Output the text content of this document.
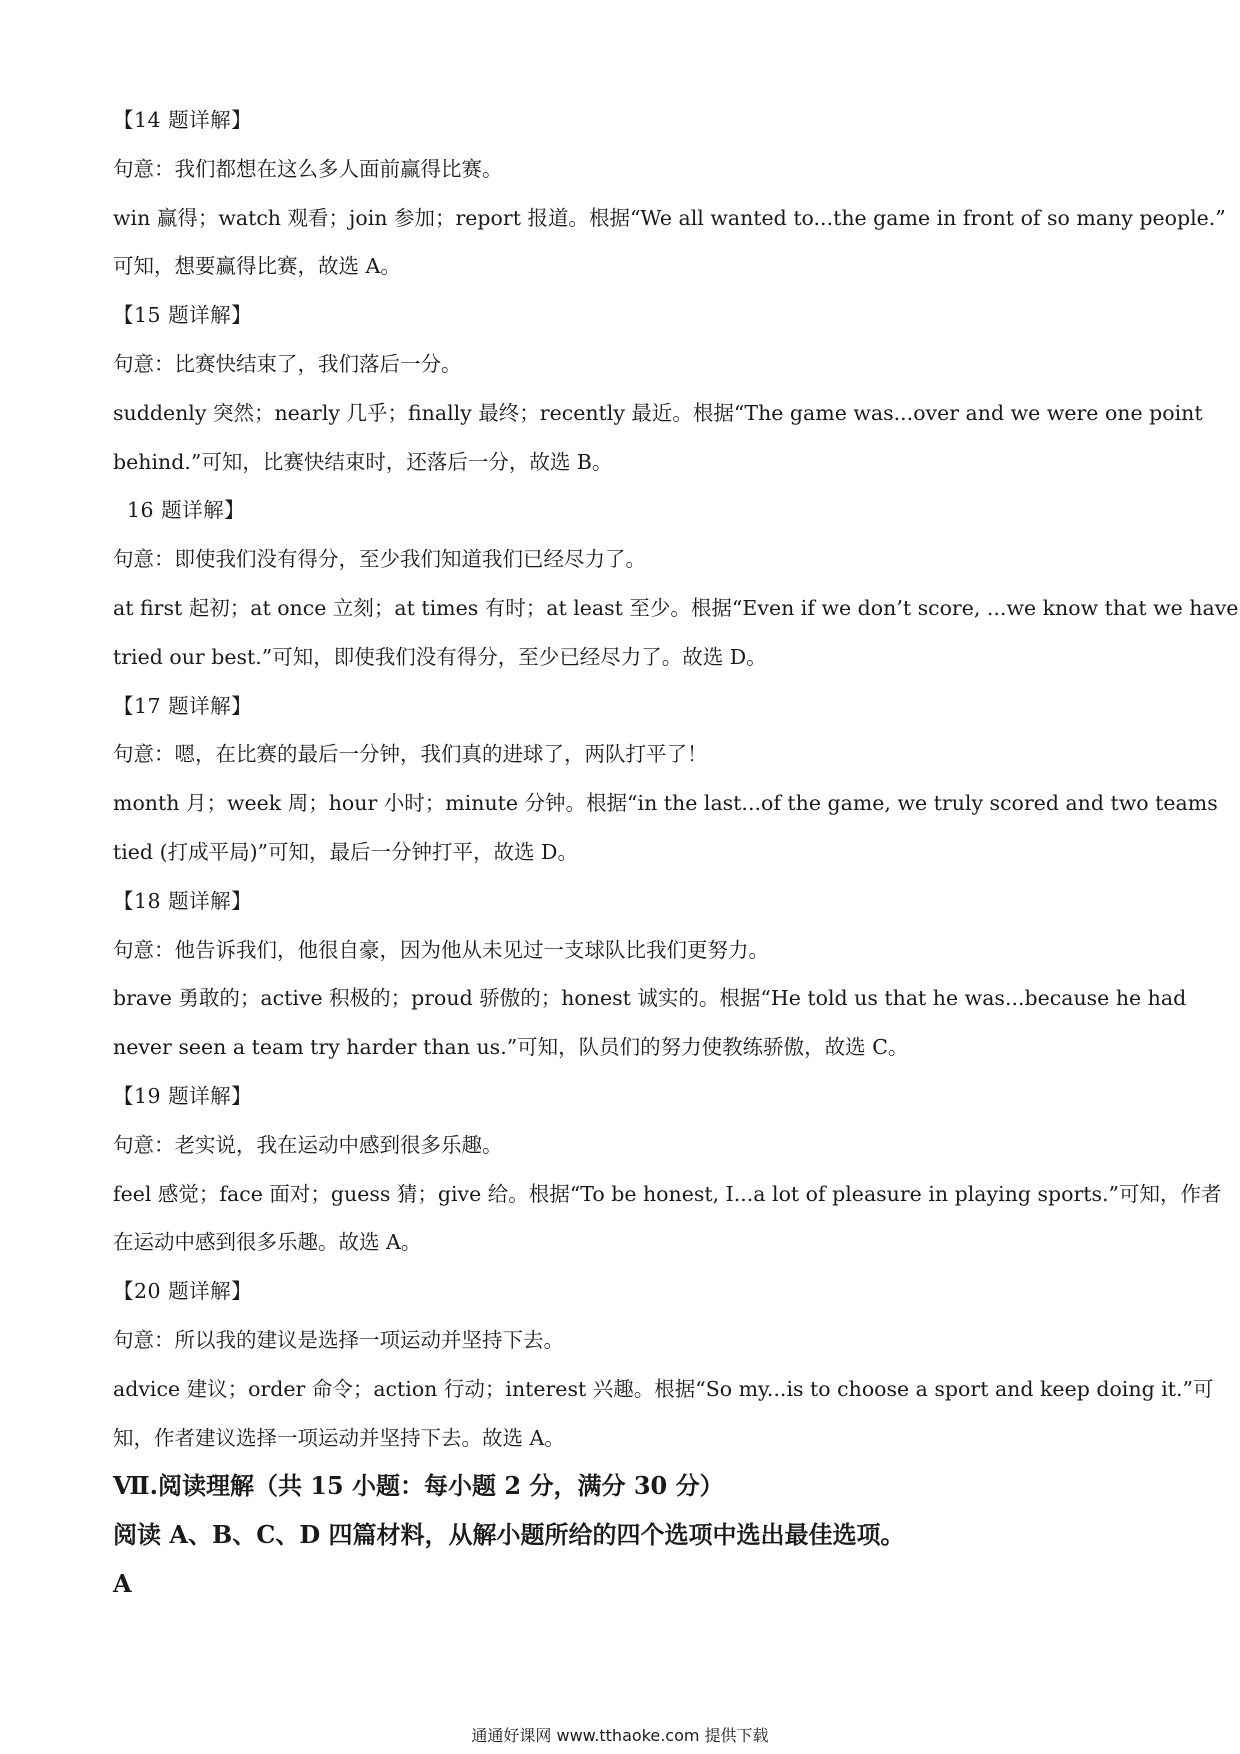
【14 题详解】

句意：我们都想在这么多人面前赢得比赛。

win 赢得；watch 观看；join 参加；report 报道。根据“We all wanted to...the game in front of so many people.”

可知，想要赢得比赛，故选 A。

【15 题详解】

句意：比赛快结束了，我们落后一分。

suddenly 突然；nearly 几乎；finally 最终；recently 最近。根据“The game was...over and we were one point

behind.”可知，比赛快结束时，还落后一分，故选 B。

16 题详解】

句意：即使我们没有得分，至少我们知道我们已经尽力了。

at first 起初；at once 立刻；at times 有时；at least 至少。根据“Even if we don’t score, ...we know that we have

tried our best.”可知，即使我们没有得分，至少已经尽力了。故选 D。

【17 题详解】

句意：嗯，在比赛的最后一分钟，我们真的进球了，两队打平了！

month 月；week 周；hour 小时；minute 分钟。根据“in the last...of the game, we truly scored and two teams

tied (打成平局)”可知，最后一分钟打平，故选 D。

【18 题详解】

句意：他告诉我们，他很自豪，因为他从未见过一支球队比我们更努力。

brave 勇敢的；active 积极的；proud 骄傲的；honest 诚实的。根据“He told us that he was...because he had

never seen a team try harder than us.”可知，队员们的努力使教练骄傲，故选 C。

【19 题详解】

句意：老实说，我在运动中感到很多乐趣。

feel 感觉；face 面对；guess 猜；give 给。根据“To be honest, I...a lot of pleasure in playing sports.”可知，作者

在运动中感到很多乐趣。故选 A。

【20 题详解】

句意：所以我的建议是选择一项运动并坚持下去。

advice 建议；order 命令；action 行动；interest 兴趣。根据“So my...is to choose a sport and keep doing it.”可

知，作者建议选择一项运动并坚持下去。故选 A。

Ⅶ.阅读理解（共 15 小题：每小题 2 分，满分 30 分）

阅读 A、B、C、D 四篇材料，从解小题所给的四个选项中选出最佳选项。

A

通通好课网 www.tthaoke.com 提供下载
